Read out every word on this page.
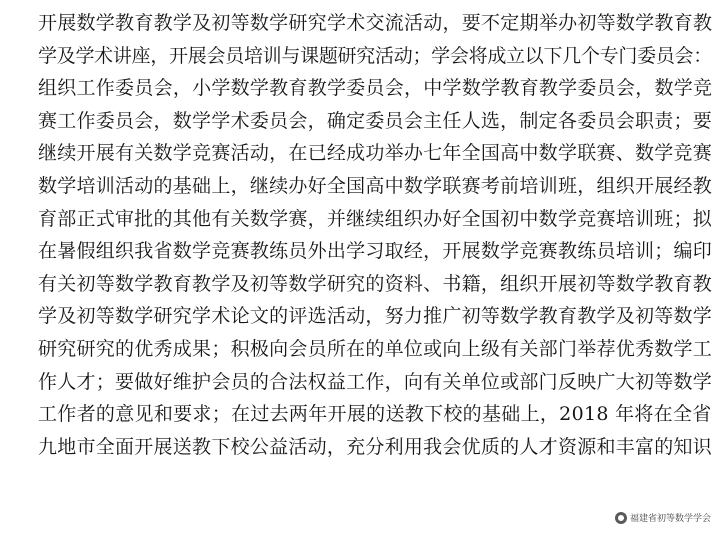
开展数学教育教学及初等数学研究学术交流活动，要不定期举办初等数学教育教
学及学术讲座，开展会员培训与课题研究活动；学会将成立以下几个专门委员会：
组织工作委员会，小学数学教育教学委员会，中学数学教育教学委员会，数学竞
赛工作委员会，数学学术委员会，确定委员会主任人选，制定各委员会职责；要
继续开展有关数学竞赛活动，在已经成功举办七年全国高中数学联赛、数学竞赛
数学培训活动的基础上，继续办好全国高中数学联赛考前培训班，组织开展经教
育部正式审批的其他有关数学赛，并继续组织办好全国初中数学竞赛培训班；拟
在暑假组织我省数学竞赛教练员外出学习取经，开展数学竞赛教练员培训；编印
有关初等数学教育教学及初等数学研究的资料、书籍，组织开展初等数学教育教
学及初等数学研究学术论文的评选活动，努力推广初等数学教育教学及初等数学
研究研究的优秀成果；积极向会员所在的单位或向上级有关部门举荐优秀数学工
作人才；要做好维护会员的合法权益工作，向有关单位或部门反映广大初等数学
工作者的意见和要求；在过去两年开展的送教下校的基础上，2018 年将在全省
九地市全面开展送教下校公益活动，充分利用我会优质的人才资源和丰富的知识
福建省初等数学学会
